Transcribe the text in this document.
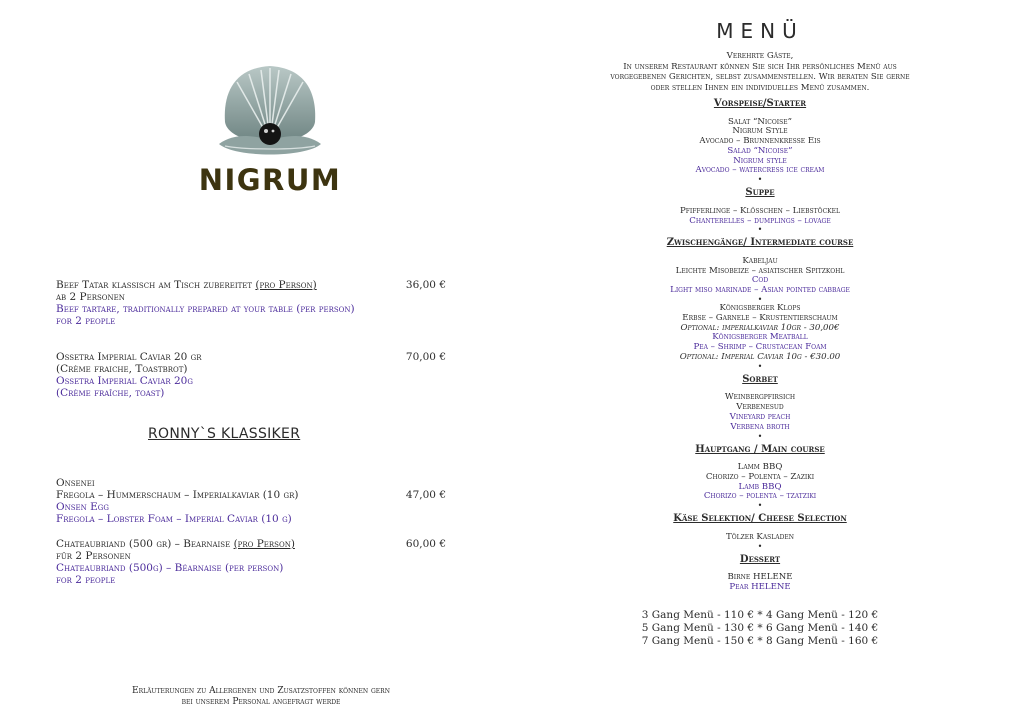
NIGRUM
Beef Tatar klassisch am Tisch zubereitet (pro Person)	36,00 €
ab 2 Personen
Beef tartare, traditionally prepared at your table (per person)
for 2 people
Ossetra Imperial Caviar 20 gr	70,00 €
(Crème fraiche, Toastbrot)
Ossetra Imperial Caviar 20g
(Crème fraîche, toast)
RONNY`S KLASSIKER
Onsenei
Fregola – Hummerschaum – Imperialkaviar (10 gr)	47,00 €
Onsen Egg
Fregola – Lobster Foam – Imperial Caviar (10 g)
Chateaubriand (500 gr) – Bearnaise (pro Person)	60,00 €
für 2 Personen
Chateaubriand (500g) – Béarnaise (per person)
for 2 people
Erläuterungen zu Allergenen und Zusatzstoffen können gern
bei unserem Personal angefragt werde
MENÜ
Verehrte Gäste,
In unserem Restaurant können Sie sich Ihr persönliches Menü aus
vorgegebenen Gerichten, selbst zusammenstellen. Wir beraten Sie gerne
oder stellen Ihnen ein individuelles Menü zusammen.
Vorspeise/Starter
Salat “Nicoise”
Nigrum Style
Avocado – Brunnenkresse Eis
Salad “Nicoise”
Nigrum style
Avocado – watercress ice cream
•
Suppe
Pfifferlinge – Klösschen – Liebstöckel
Chanterelles – dumplings – lovage
•
Zwischengänge/ Intermediate course
Kabeljau
Leichte Misobeize – asiatischer Spitzkohl
Cod
Light miso marinade – Asian pointed cabbage
•
Königsberger Klops
Erbse – Garnele – Krustentierschaum
Optional: imperialkaviar 10gr - 30,00€
Königsberger Meatball
Pea – Shrimp – Crustacean Foam
Optional: Imperial Caviar 10g - €30.00
•
Sorbet
Weinbergpfirsich
Verbenesud
Vineyard peach
Verbena broth
•
Hauptgang / Main course
Lamm BBQ
Chorizo – Polenta – Zaziki
Lamb BBQ
Chorizo – polenta – tzatziki
•
Käse Selektion/ Cheese Selection
Tölzer Kasladen
•
Dessert
Birne HELENE
Pear HELENE
3 Gang Menü - 110 € * 4 Gang Menü - 120 €
5 Gang Menü - 130 € * 6 Gang Menü - 140 €
7 Gang Menü - 150 € * 8 Gang Menü - 160 €
